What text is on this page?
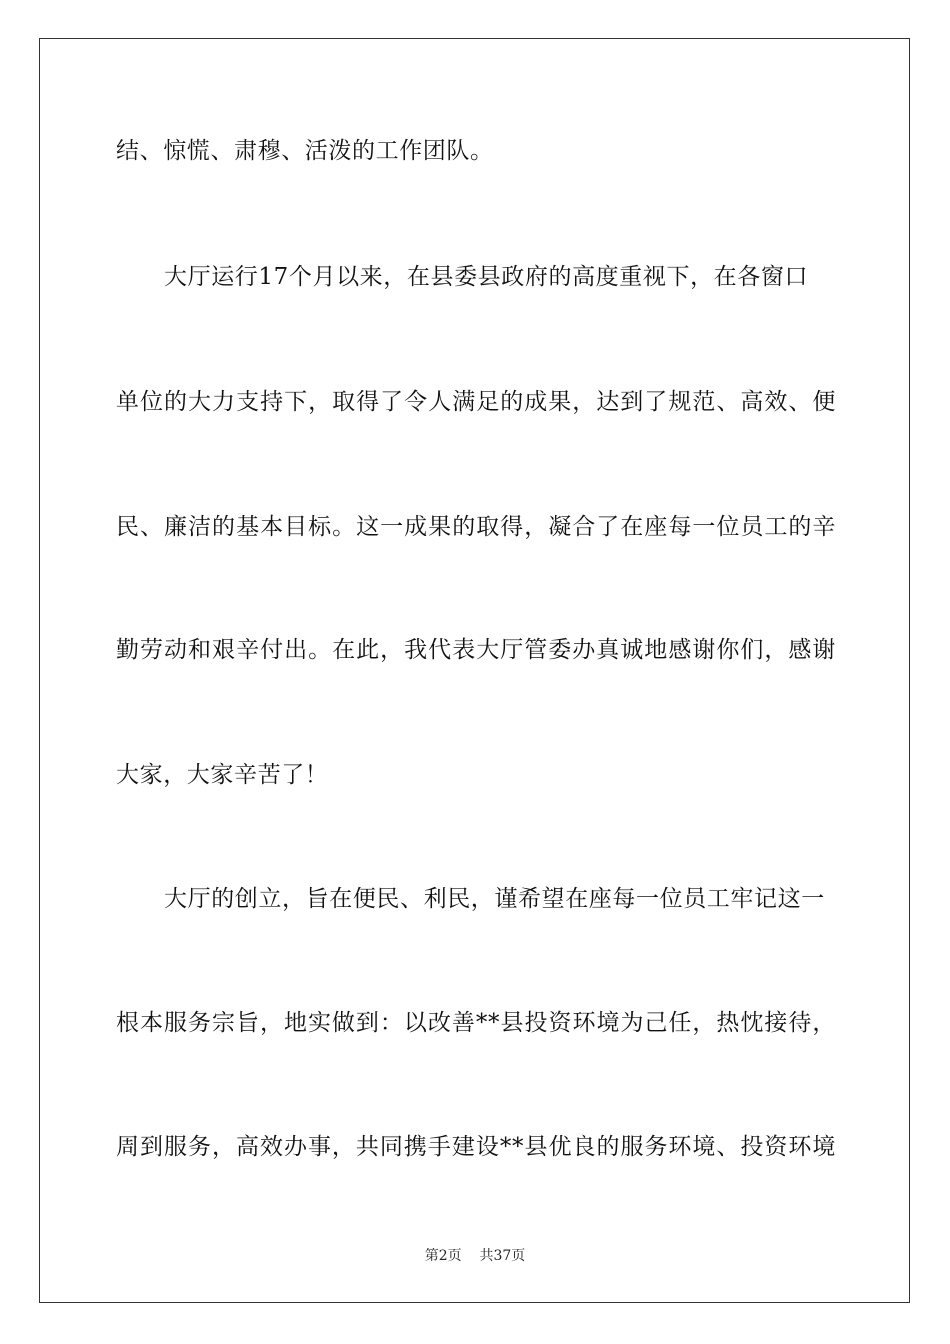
结、惊慌、肃穆、活泼的工作团队。
大厅运行17个月以来，在县委县政府的高度重视下，在各窗口
单位的大力支持下，取得了令人满足的成果，达到了规范、高效、便
民、廉洁的基本目标。这一成果的取得，凝合了在座每一位员工的辛
勤劳动和艰辛付出。在此，我代表大厅管委办真诚地感谢你们，感谢
大家，大家辛苦了！
大厅的创立，旨在便民、利民，谨希望在座每一位员工牢记这一
根本服务宗旨，地实做到：以改善**县投资环境为己任，热忱接待，
周到服务，高效办事，共同携手建设**县优良的服务环境、投资环境
第2页 共37页
